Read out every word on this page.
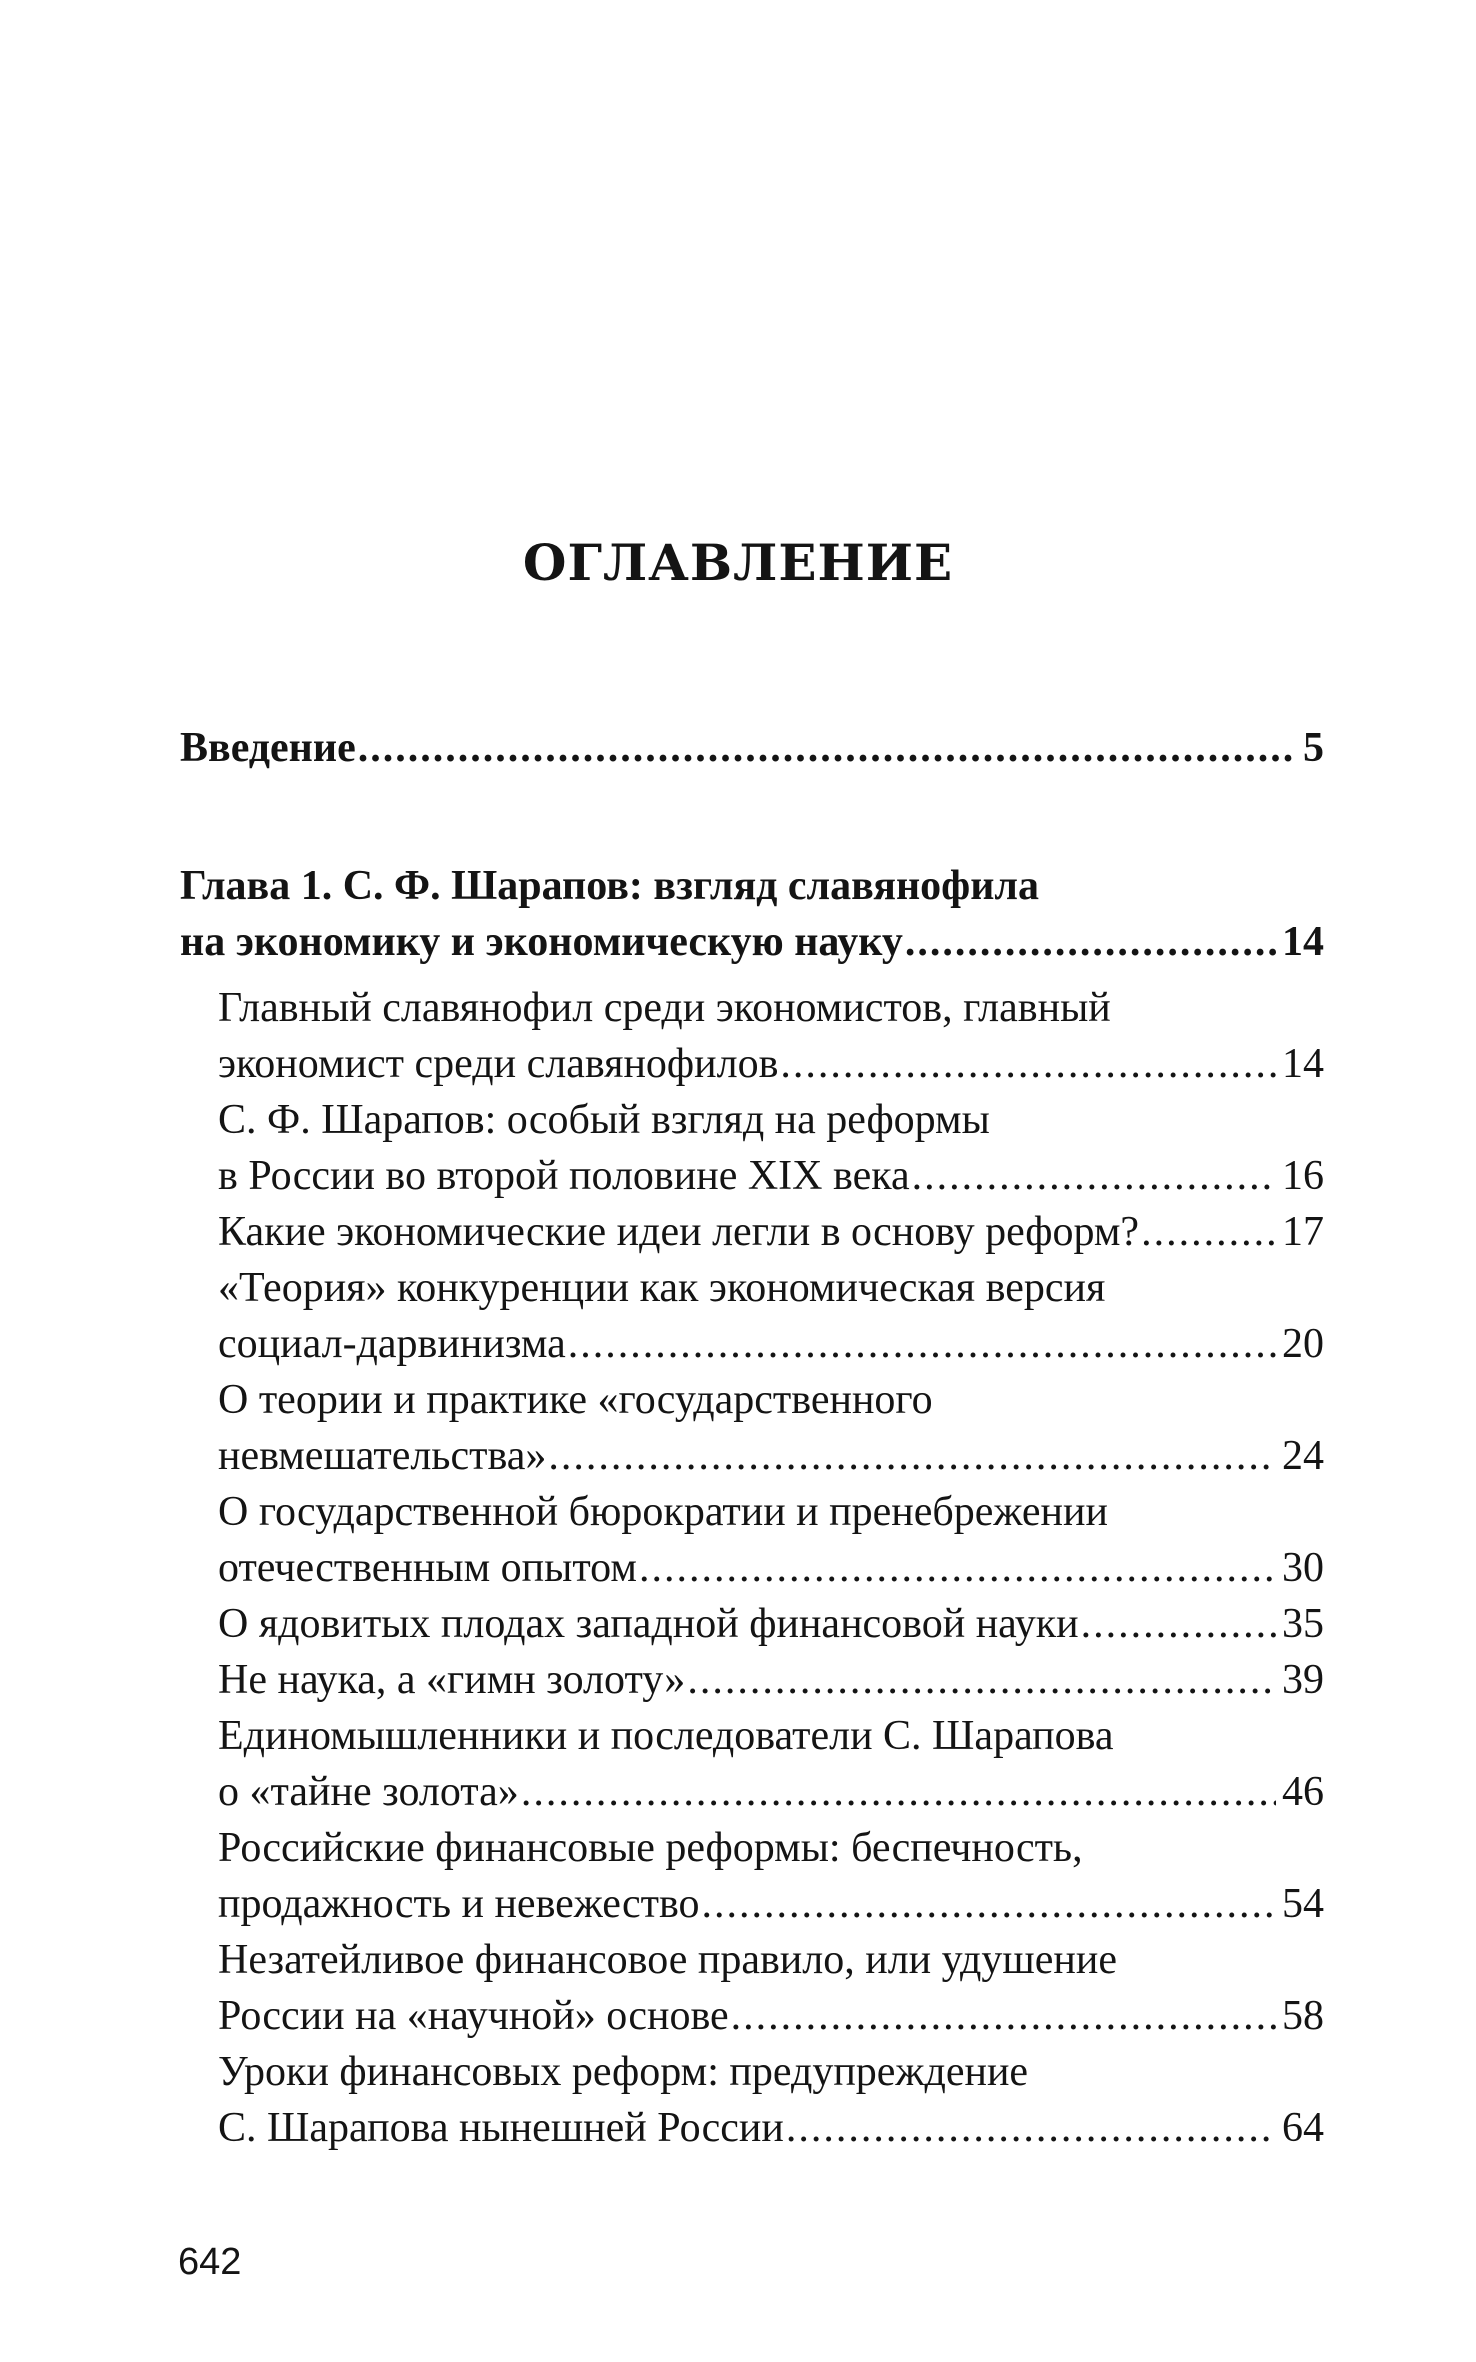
ОГЛАВЛЕНИЕ
Введение .....	5
Глава 1. С. Ф. Шарапов: взгляд славянофила
на экономику и экономическую науку .....	14
Главный славянофил среди экономистов, главный
экономист среди славянофилов .....	14
С. Ф. Шарапов: особый взгляд на реформы
в России во второй половине XIX века .....	16
Какие экономические идеи легли в основу реформ? .....	17
«Теория» конкуренции как экономическая версия
социал-дарвинизма .....	20
О теории и практике «государственного
невмешательства» .....	24
О государственной бюрократии и пренебрежении
отечественным опытом .....	30
О ядовитых плодах западной финансовой науки .....	35
Не наука, а «гимн золоту» .....	39
Единомышленники и последователи С. Шарапова
о «тайне золота» .....	46
Российские финансовые реформы: беспечность,
продажность и невежество .....	54
Незатейливое финансовое правило, или удушение
России на «научной» основе .....	58
Уроки финансовых реформ: предупреждение
С. Шарапова нынешней России .....	64

642
